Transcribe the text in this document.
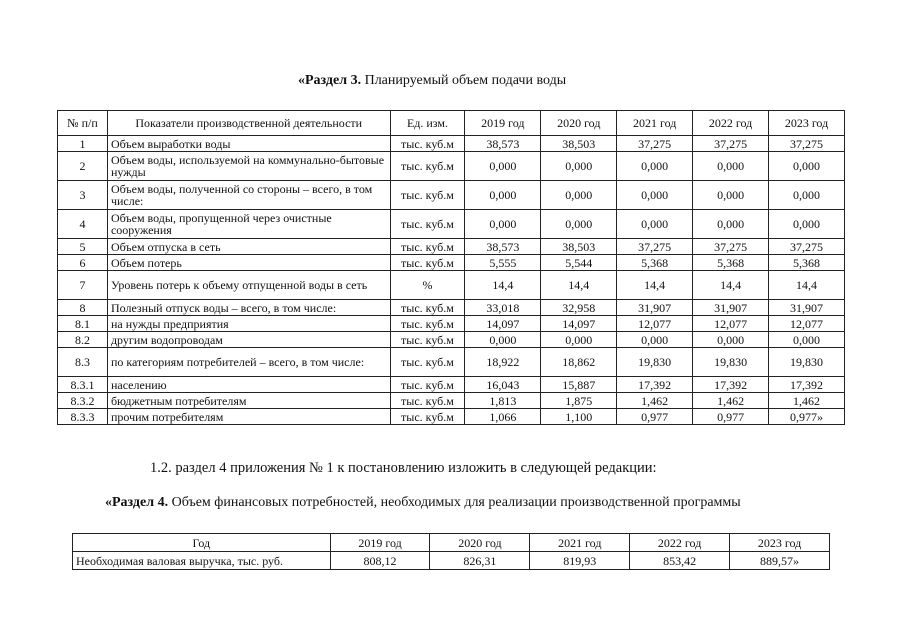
«Раздел 3. Планируемый объем подачи воды
№ п/п	Показатели производственной деятельности	Ед. изм.	2019 год	2020 год	2021 год	2022 год	2023 год
1	Объем выработки воды	тыс. куб.м	38,573	38,503	37,275	37,275	37,275
2	Объем воды, используемой на коммунально-бытовые нужды	тыс. куб.м	0,000	0,000	0,000	0,000	0,000
3	Объем воды, полученной со стороны – всего, в том числе:	тыс. куб.м	0,000	0,000	0,000	0,000	0,000
4	Объем воды, пропущенной через очистные сооружения	тыс. куб.м	0,000	0,000	0,000	0,000	0,000
5	Объем отпуска в сеть	тыс. куб.м	38,573	38,503	37,275	37,275	37,275
6	Объем потерь	тыс. куб.м	5,555	5,544	5,368	5,368	5,368
7	Уровень потерь к объему отпущенной воды в сеть	%	14,4	14,4	14,4	14,4	14,4
8	Полезный отпуск воды – всего, в том числе:	тыс. куб.м	33,018	32,958	31,907	31,907	31,907
8.1	на нужды предприятия	тыс. куб.м	14,097	14,097	12,077	12,077	12,077
8.2	другим водопроводам	тыс. куб.м	0,000	0,000	0,000	0,000	0,000
8.3	по категориям потребителей – всего, в том числе:	тыс. куб.м	18,922	18,862	19,830	19,830	19,830
8.3.1	населению	тыс. куб.м	16,043	15,887	17,392	17,392	17,392
8.3.2	бюджетным потребителям	тыс. куб.м	1,813	1,875	1,462	1,462	1,462
8.3.3	прочим потребителям	тыс. куб.м	1,066	1,100	0,977	0,977	0,977»
1.2. раздел 4 приложения № 1 к постановлению изложить в следующей редакции:
«Раздел 4. Объем финансовых потребностей, необходимых для реализации производственной программы
Год	2019 год	2020 год	2021 год	2022 год	2023 год
Необходимая валовая выручка, тыс. руб.	808,12	826,31	819,93	853,42	889,57»
